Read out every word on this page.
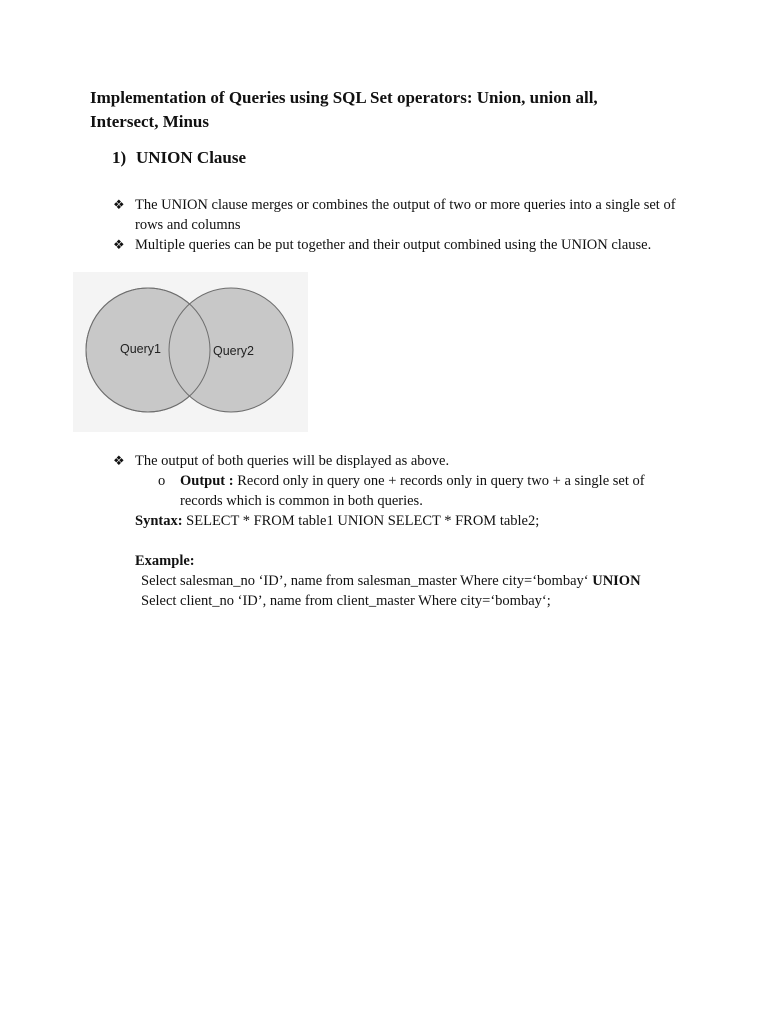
Implementation of Queries using SQL Set operators: Union, union all,
Intersect, Minus
1) UNION Clause
❖ The UNION clause merges or combines the output of two or more queries into a single set of rows and columns
❖ Multiple queries can be put together and their output combined using the UNION clause.
Query1	Query2
❖ The output of both queries will be displayed as above.
o Output : Record only in query one + records only in query two + a single set of records which is common in both queries.
Syntax: SELECT * FROM table1 UNION SELECT * FROM table2;
Example:
Select salesman_no ‘ID’, name from salesman_master Where city=‘bombay‘ UNION
Select client_no ‘ID’, name from client_master Where city=‘bombay‘;
